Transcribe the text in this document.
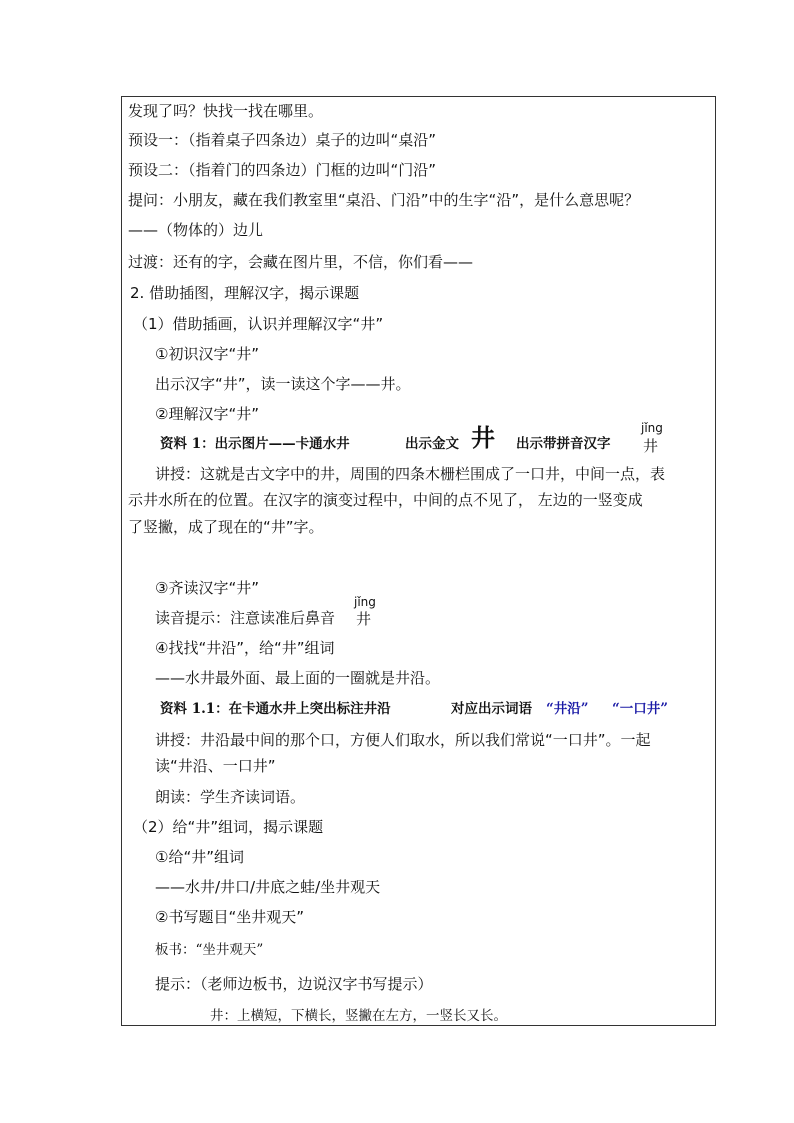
发现了吗？快找一找在哪里。
预设一：（指着桌子四条边）桌子的边叫“桌沿”
预设二：（指着门的四条边）门框的边叫“门沿”
提问：小朋友，藏在我们教室里“桌沿、门沿”中的生字“沿”，是什么意思呢？
——（物体的）边儿
过渡：还有的字，会藏在图片里，不信，你们看——
2. 借助插图，理解汉字，揭示课题
（1）借助插画，认识并理解汉字“井”
①初识汉字“井”
出示汉字“井”，读一读这个字——井。
②理解汉字“井”
资料 1：出示图片——卡通水井	出示金文 井 出示带拼音汉字
jǐng
井
讲授：这就是古文字中的井，周围的四条木栅栏围成了一口井，中间一点，表
示井水所在的位置。在汉字的演变过程中，中间的点不见了， 左边的一竖变成
了竖撇，成了现在的“井”字。
③齐读汉字“井”
读音提示：注意读准后鼻音
jǐng
井
④找找“井沿”，给“井”组词
——水井最外面、最上面的一圈就是井沿。
资料 1.1：在卡通水井上突出标注井沿	对应出示词语 “井沿” “一口井”
讲授：井沿最中间的那个口，方便人们取水，所以我们常说“一口井”。一起
读“井沿、一口井”
朗读：学生齐读词语。
（2）给“井”组词，揭示课题
①给“井”组词
——水井/井口/井底之蛙/坐井观天
②书写题目“坐井观天”
板书：“坐井观天”
提示：（老师边板书，边说汉字书写提示）
井：上横短，下横长，竖撇在左方，一竖长又长。
